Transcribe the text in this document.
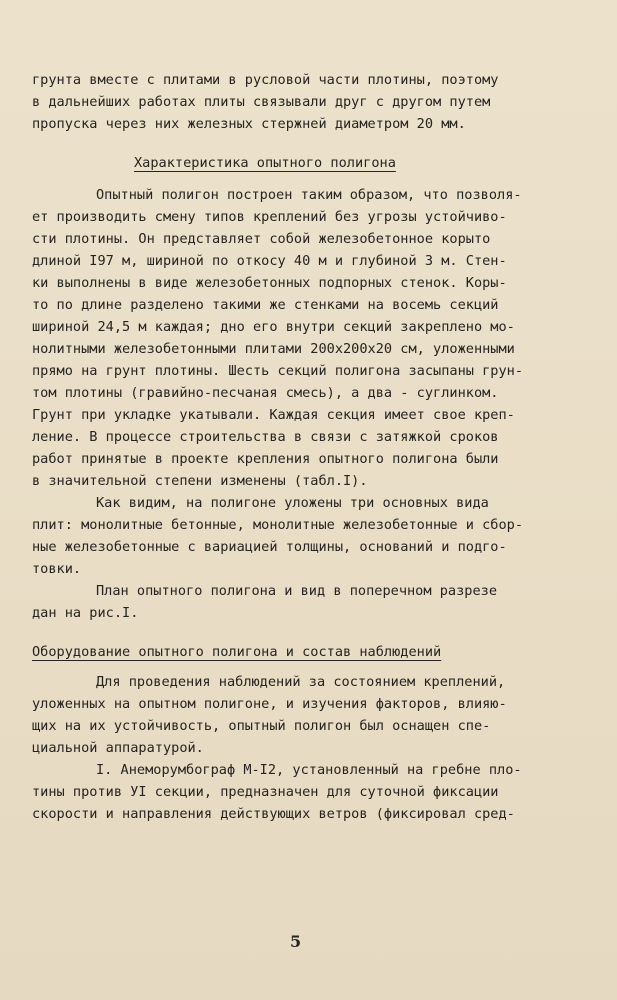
грунта вместе с плитами в русловой части плотины, поэтому
в дальнейших работах плиты связывали друг с другом путем
пропуска через них железных стержней диаметром 20 мм.
Характеристика опытного полигона
Опытный полигон построен таким образом, что позволя-
ет производить смену типов креплений без угрозы устойчиво-
сти плотины. Он представляет собой железобетонное корыто
длиной I97 м, шириной по откосу 40 м и глубиной 3 м. Стен-
ки выполнены в виде железобетонных подпорных стенок. Коры-
то по длине разделено такими же стенками на восемь секций
шириной 24,5 м каждая; дно его внутри секций закреплено мо-
нолитными железобетонными плитами 200х200х20 см, уложенными
прямо на грунт плотины. Шесть секций полигона засыпаны грун-
том плотины (гравийно-песчаная смесь), а два - суглинком.
Грунт при укладке укатывали. Каждая секция имеет свое креп-
ление. В процессе строительства в связи с затяжкой сроков
работ принятые в проекте крепления опытного полигона были
в значительной степени изменены (табл.I).
Как видим, на полигоне уложены три основных вида
плит: монолитные бетонные, монолитные железобетонные и сбор-
ные железобетонные с вариацией толщины, оснований и подго-
товки.
План опытного полигона и вид в поперечном разрезе
дан на рис.I.
Оборудование опытного полигона и состав наблюдений
Для проведения наблюдений за состоянием креплений,
уложенных на опытном полигоне, и изучения факторов, влияю-
щих на их устойчивость, опытный полигон был оснащен спе-
циальной аппаратурой.
I. Анеморумбограф М-I2, установленный на гребне пло-
тины против УI секции, предназначен для суточной фиксации
скорости и направления действующих ветров (фиксировал сред-
5
